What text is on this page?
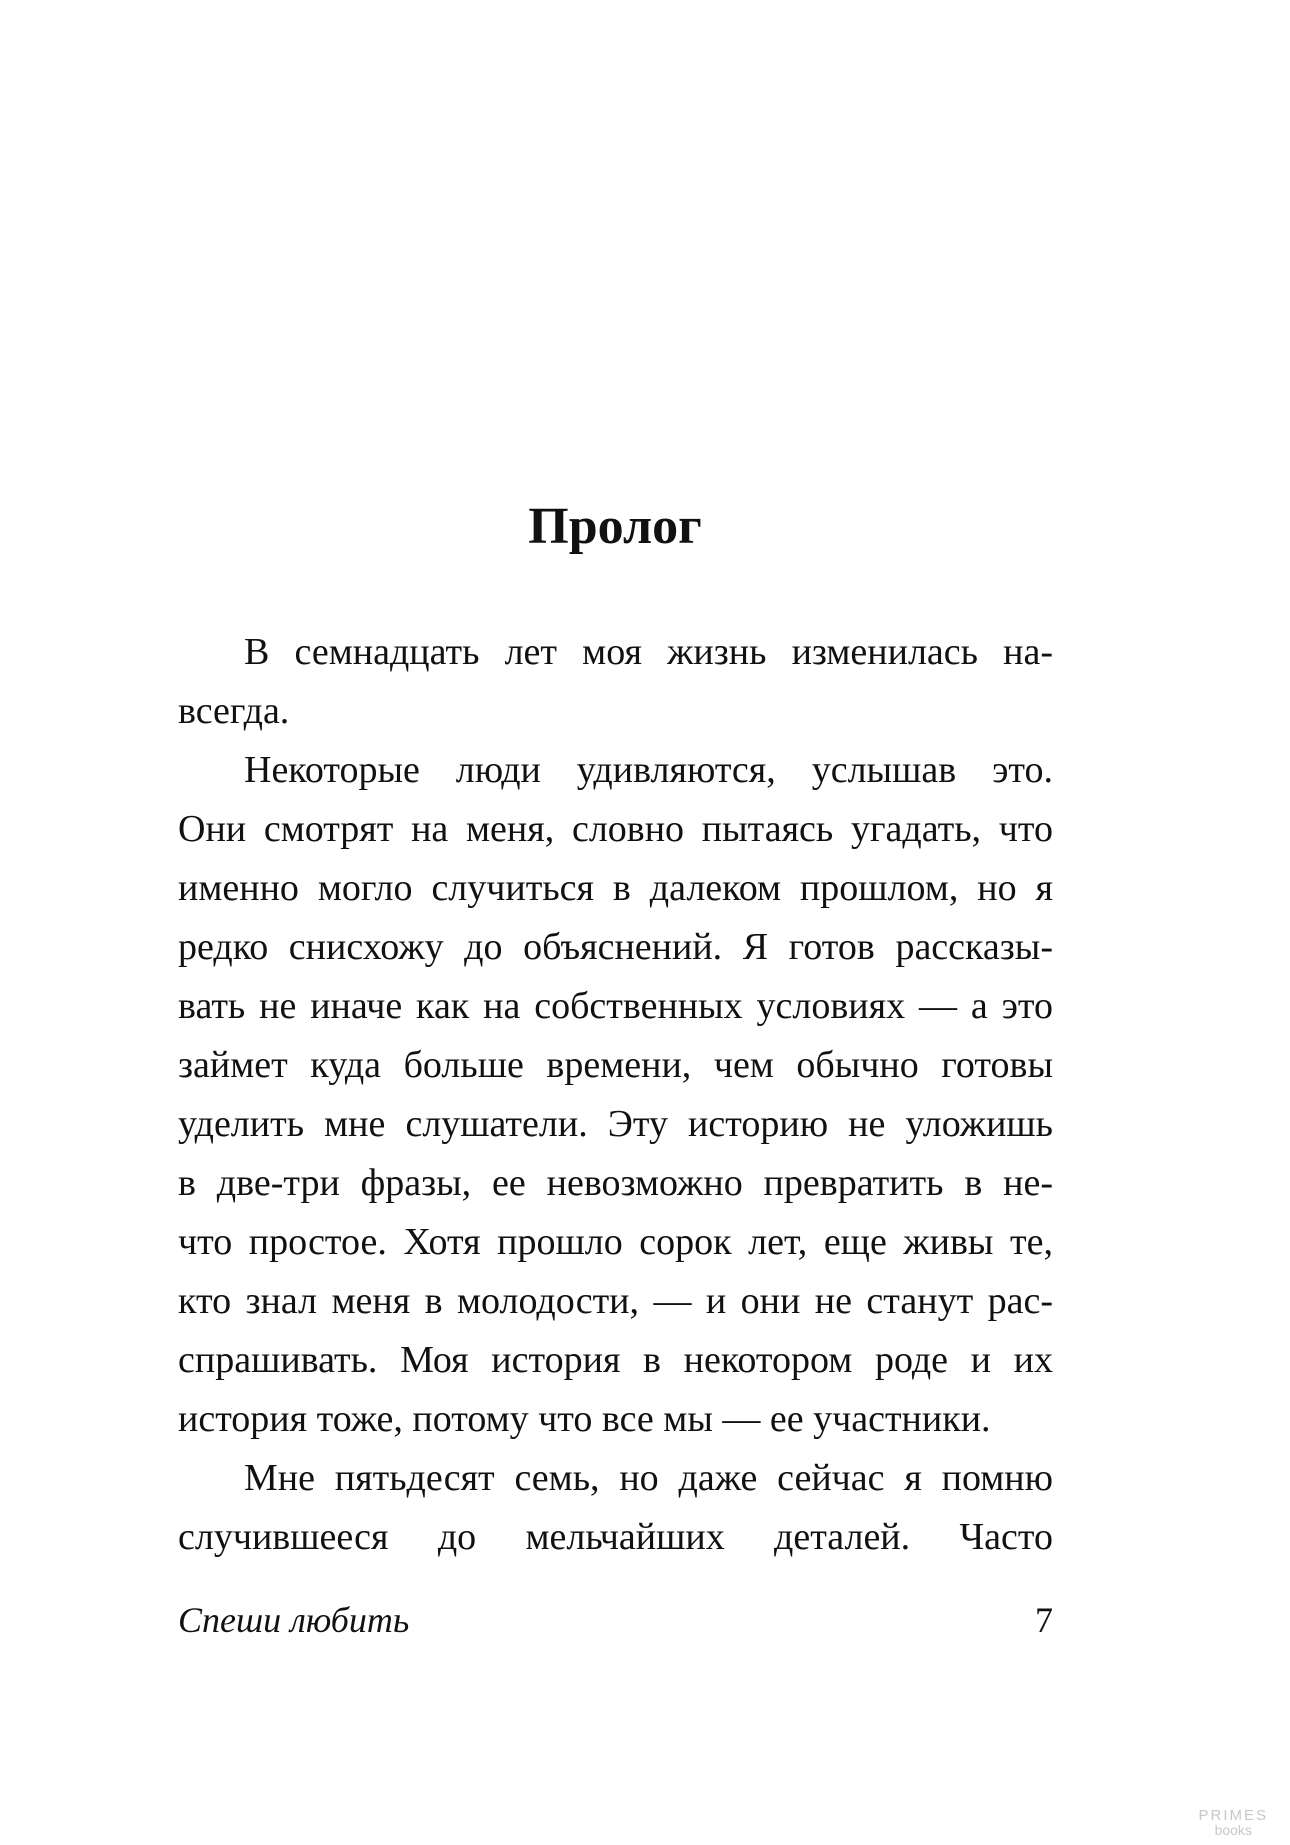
Пролог
В семнадцать лет моя жизнь изменилась на-
всегда.
Некоторые люди удивляются, услышав это.
Они смотрят на меня, словно пытаясь угадать, что
именно могло случиться в далеком прошлом, но я
редко снисхожу до объяснений. Я готов рассказы-
вать не иначе как на собственных условиях — а это
займет куда больше времени, чем обычно готовы
уделить мне слушатели. Эту историю не уложишь
в две-три фразы, ее невозможно превратить в не-
что простое. Хотя прошло сорок лет, еще живы те,
кто знал меня в молодости, — и они не станут рас-
спрашивать. Моя история в некотором роде и их
история тоже, потому что все мы — ее участники.
Мне пятьдесят семь, но даже сейчас я помню
случившееся до мельчайших деталей. Часто
Спеши любить	7
PRIMES
books
